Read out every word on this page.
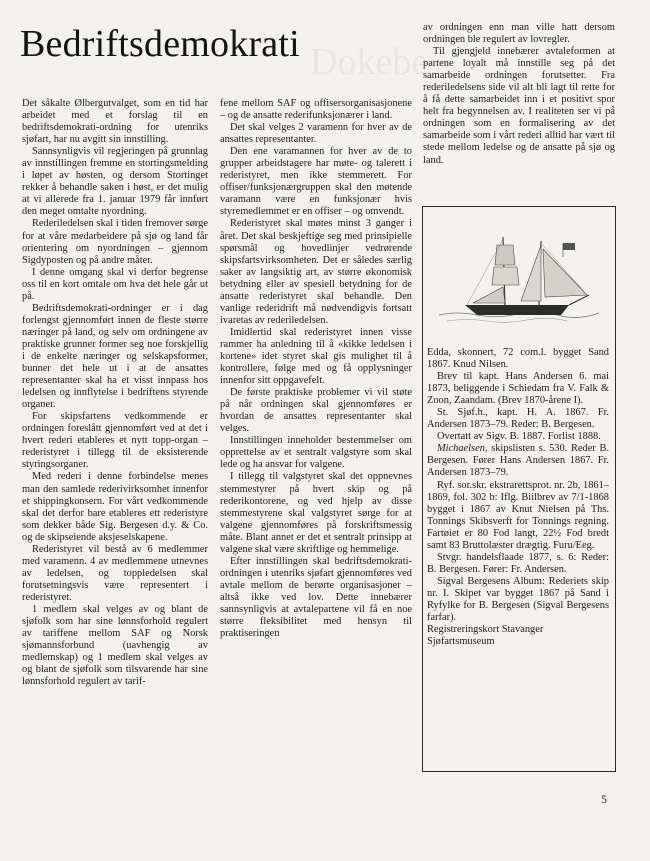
Dokebe
Bedriftsdemokrati

Det såkalte Ølbergutvalget, som en tid har arbeidet med et forslag til en bedriftsdemokrati-ordning for utenriks sjøfart, har nu avgitt sin innstilling.

Sannsynligvis vil regjeringen på grunnlag av innstillingen fremme en stortingsmelding i løpet av høsten, og dersom Stortinget rekker å behandle saken i høst, er det mulig at vi allerede fra 1. januar 1979 får innført den meget omtalte nyordning.

Rederiledelsen skal i tiden fremover sørge for at våre medarbeidere på sjø og land får orientering om nyordningen – gjennom Sigdyposten og på andre måter.

I denne omgang skal vi derfor begrense oss til en kort omtale om hva det hele går ut på.

Bedriftsdemokrati-ordninger er i dag forlengst gjennomført innen de fleste større næringer på land, og selv om ordningene av praktiske grunner former seg noe forskjellig i de enkelte næringer og selskapsformer, bunner det hele ut i at de ansattes representanter skal ha et visst innpass hos ledelsen og innflytelse i bedriftens styrende organer.

For skipsfartens vedkommende er ordningen foreslått gjennomført ved at det i hvert rederi etableres et nytt topp-organ – rederistyret i tillegg til de eksisterende styringsorganer.

Med rederi i denne forbindelse menes man den samlede rederivirksomhet innenfor et shippingkonsern. For vårt vedkommende skal det derfor bare etableres ett rederistyre som dekker både Sig. Bergesen d.y. & Co. og de skipseiende aksjeselskapene.

Rederistyret vil bestå av 6 medlemmer med varamenn. 4 av medlemmene utnevnes av ledelsen, og toppledelsen skal forutsetningsvis være representert i rederistyret.

1 medlem skal velges av og blant de sjøfolk som har sine lønnsforhold regulert av tariffene mellom SAF og Norsk sjømannsforbund (uavhengig av medlemskap) og 1 medlem skal velges av og blant de sjøfolk som tilsvarende har sine lønnsforhold regulert av tarif-

fene mellom SAF og offisersorganisasjonene – og de ansatte rederifunksjonærer i land.

Det skal velges 2 varamenn for hver av de ansattes representanter.

Den ene varamannen for hver av de to grupper arbeidstagere har møte- og talerett i rederistyret, men ikke stemmerett. For offiser/funksjonærgruppen skal den møtende varamann være en funksjonær hvis styremedlemmet er en offiser – og omvendt.

Rederistyret skal møtes minst 3 ganger i året. Det skal beskjeftige seg med prinsipielle spørsmål og hovedlinjer vedrørende skipsfartsvirksomheten. Det er således særlig saker av langsiktig art, av større økonomisk betydning eller av spesiell betydning for de ansatte rederistyret skal behandle. Den vanlige rederidrift må nødvendigvis fortsatt ivaretas av rederiledelsen.

Imidlertid skal rederistyret innen visse rammer ha anledning til å «kikke ledelsen i kortene» idet styret skal gis mulighet til å kontrollere, følge med og få opplysninger innenfor sitt oppgavefelt.

De første praktiske problemer vi vil støte på når ordningen skal gjennomføres er hvordan de ansattes representanter skal velges.

Innstillingen inneholder bestemmelser om opprettelse av et sentralt valgstyre som skal lede og ha ansvar for valgene.

I tillegg til valgstyret skal det oppnevnes stemmestyrer på hvert skip og på rederikontorene, og ved hjelp av disse stemmestyrene skal valgstyret sørge for at valgene gjennomføres på forskriftsmessig måte. Blant annet er det et sentralt prinsipp at valgene skal være skriftlige og hemmelige.

Efter innstillingen skal bedriftsdemokrati-ordningen i utenriks sjøfart gjennomføres ved avtale mellom de berørte organisasjoner – altså ikke ved lov. Dette innebærer sannsynligvis at avtalepartene vil få en noe større fleksibilitet med hensyn til praktiseringen

av ordningen enn man ville hatt dersom ordningen ble regulert av lovregler.

Til gjengjeld innebærer avtaleformen at partene loyalt må innstille seg på det samarbeide ordningen forutsetter. Fra rederiledelsens side vil alt bli lagt til rette for å få dette samarbeidet inn i et positivt spor helt fra begynnelsen av. I realiteten ser vi på ordningen som en formalisering av det samarbeide som i vårt rederi alltid har vært til stede mellom ledelse og de ansatte på sjø og land.

Edda, skonnert, 72 com.l. bygget Sand 1867. Knud Nilsen.

Brev til kapt. Hans Andersen 6. mai 1873, beliggende i Schiedam fra V. Falk & Zoon, Zaandam. (Brev 1870-årene I).

St. Sjøf.h., kapt. H. A. 1867. Fr. Andersen 1873–79. Reder: B. Bergesen.

Overtatt av Sigv. B. 1887. Forlist 1888.

Michaelsen, skipslisten s. 530. Reder B. Bergesen. Fører Hans Andersen 1867. Fr. Andersen 1873–79.

Ryf. sor.skr. ekstrarettsprot. nr. 2b, 1861–1869, fol. 302 b: Iflg. Biilbrev av 7/1-1868 bygget i 1867 av Knut Nielsen på Ths. Tonnings Skibsverft for Tonnings regning. Fartøiet er 80 Fod langt, 22½ Fod bredt samt 83 Bruttolæster drægtig. Furu/Eeg.

Stvgr. handelsflaade 1877, s. 6: Reder: B. Bergesen. Fører: Fr. Andersen.

Sigval Bergesens Album: Rederiets skip nr. I. Skipet var bygget 1867 på Sand i Ryfylke for B. Bergesen (Sigval Bergesens farfar).

Registreringskort Stavanger Sjøfartsmuseum

5
